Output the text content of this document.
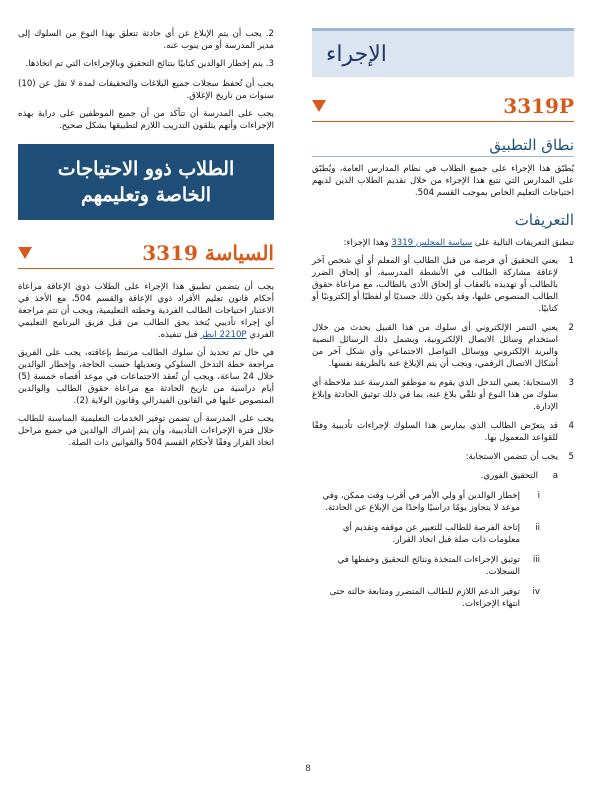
الإجراء
3319P
نطاق التطبيق

يُطبّق هذا الإجراء على جميع الطلاب في نظام المدارس العامة، ويُطبّق على المدارس التي تتبع هذا الإجراء من خلال تقديم الطلاب الذين لديهم احتياجات التعليم الخاص بموجب القسم 504.

التعريفات

تنطبق التعريفات التالية على سياسة المجلس 3319 وهذا الإجراء:

1
يعني التحقيق أي فرصة من قبل الطالب أو المعلم أو أي شخص آخر لإعاقة مشاركة الطالب في الأنشطة المدرسية، أو إلحاق الضرر بالطالب أو تهديده بالعقاب أو إلحاق الأذى بالطالب، مع مراعاة حقوق الطالب المنصوص عليها، وقد يكون ذلك جسديًا أو لفظيًا أو إلكترونيًا أو كتابيًا.
2
يعني التنمر الإلكتروني أي سلوك من هذا القبيل يحدث من خلال استخدام وسائل الاتصال الإلكترونية، ويشمل ذلك الرسائل النصية والبريد الإلكتروني ووسائل التواصل الاجتماعي وأي شكل آخر من أشكال الاتصال الرقمي، ويجب أن يتم الإبلاغ عنه بالطريقة نفسها.
3
الاستجابة: يعني التدخل الذي يقوم به موظفو المدرسة عند ملاحظة أي سلوك من هذا النوع أو تلقّي بلاغ عنه، بما في ذلك توثيق الحادثة وإبلاغ الإدارة.
4
قد يتعرّض الطالب الذي يمارس هذا السلوك لإجراءات تأديبية وفقًا للقواعد المعمول بها.
5
يجب أن تتضمن الاستجابة:
a
التحقيق الفوري.
i
إخطار الوالدين أو ولي الأمر في أقرب وقت ممكن، وفي موعد لا يتجاوز يومًا دراسيًا واحدًا من الإبلاغ عن الحادثة.
ii
إتاحة الفرصة للطالب للتعبير عن موقفه وتقديم أي معلومات ذات صلة قبل اتخاذ القرار.
iii
توثيق الإجراءات المتخذة ونتائج التحقيق وحفظها في السجلات.
iv
توفير الدعم اللازم للطالب المتضرر ومتابعة حالته حتى انتهاء الإجراءات.

2. يجب أن يتم الإبلاغ عن أي حادثة تتعلق بهذا النوع من السلوك إلى مدير المدرسة أو من ينوب عنه.

3. يتم إخطار الوالدين كتابيًا بنتائج التحقيق وبالإجراءات التي تم اتخاذها.

يجب أن تُحفظ سجلات جميع البلاغات والتحقيقات لمدة لا تقل عن (10) سنوات من تاريخ الإغلاق.

يجب على المدرسة أن تتأكد من أن جميع الموظفين على دراية بهذه الإجراءات وأنهم يتلقون التدريب اللازم لتطبيقها بشكل صحيح.

الطلاب ذوو الاحتياجات الخاصة وتعليمهم
السياسة 3319

يجب أن يتضمن تطبيق هذا الإجراء على الطلاب ذوي الإعاقة مراعاة أحكام قانون تعليم الأفراد ذوي الإعاقة والقسم 504، مع الأخذ في الاعتبار احتياجات الطالب الفردية وخطته التعليمية، ويجب أن تتم مراجعة أي إجراء تأديبي يُتخذ بحق الطالب من قبل فريق البرنامج التعليمي الفردي 2210P انظر قبل تنفيذه.

في حال تم تحديد أن سلوك الطالب مرتبط بإعاقته، يجب على الفريق مراجعة خطة التدخل السلوكي وتعديلها حسب الحاجة، وإخطار الوالدين خلال 24 ساعة، ويجب أن تُعقد الاجتماعات في موعد أقصاه خمسة (5) أيام دراسية من تاريخ الحادثة مع مراعاة حقوق الطالب والوالدين المنصوص عليها في القانون الفيدرالي وقانون الولاية (2).

يجب على المدرسة أن تضمن توفير الخدمات التعليمية المناسبة للطالب خلال فترة الإجراءات التأديبية، وأن يتم إشراك الوالدين في جميع مراحل اتخاذ القرار وفقًا لأحكام القسم 504 والقوانين ذات الصلة.

8
